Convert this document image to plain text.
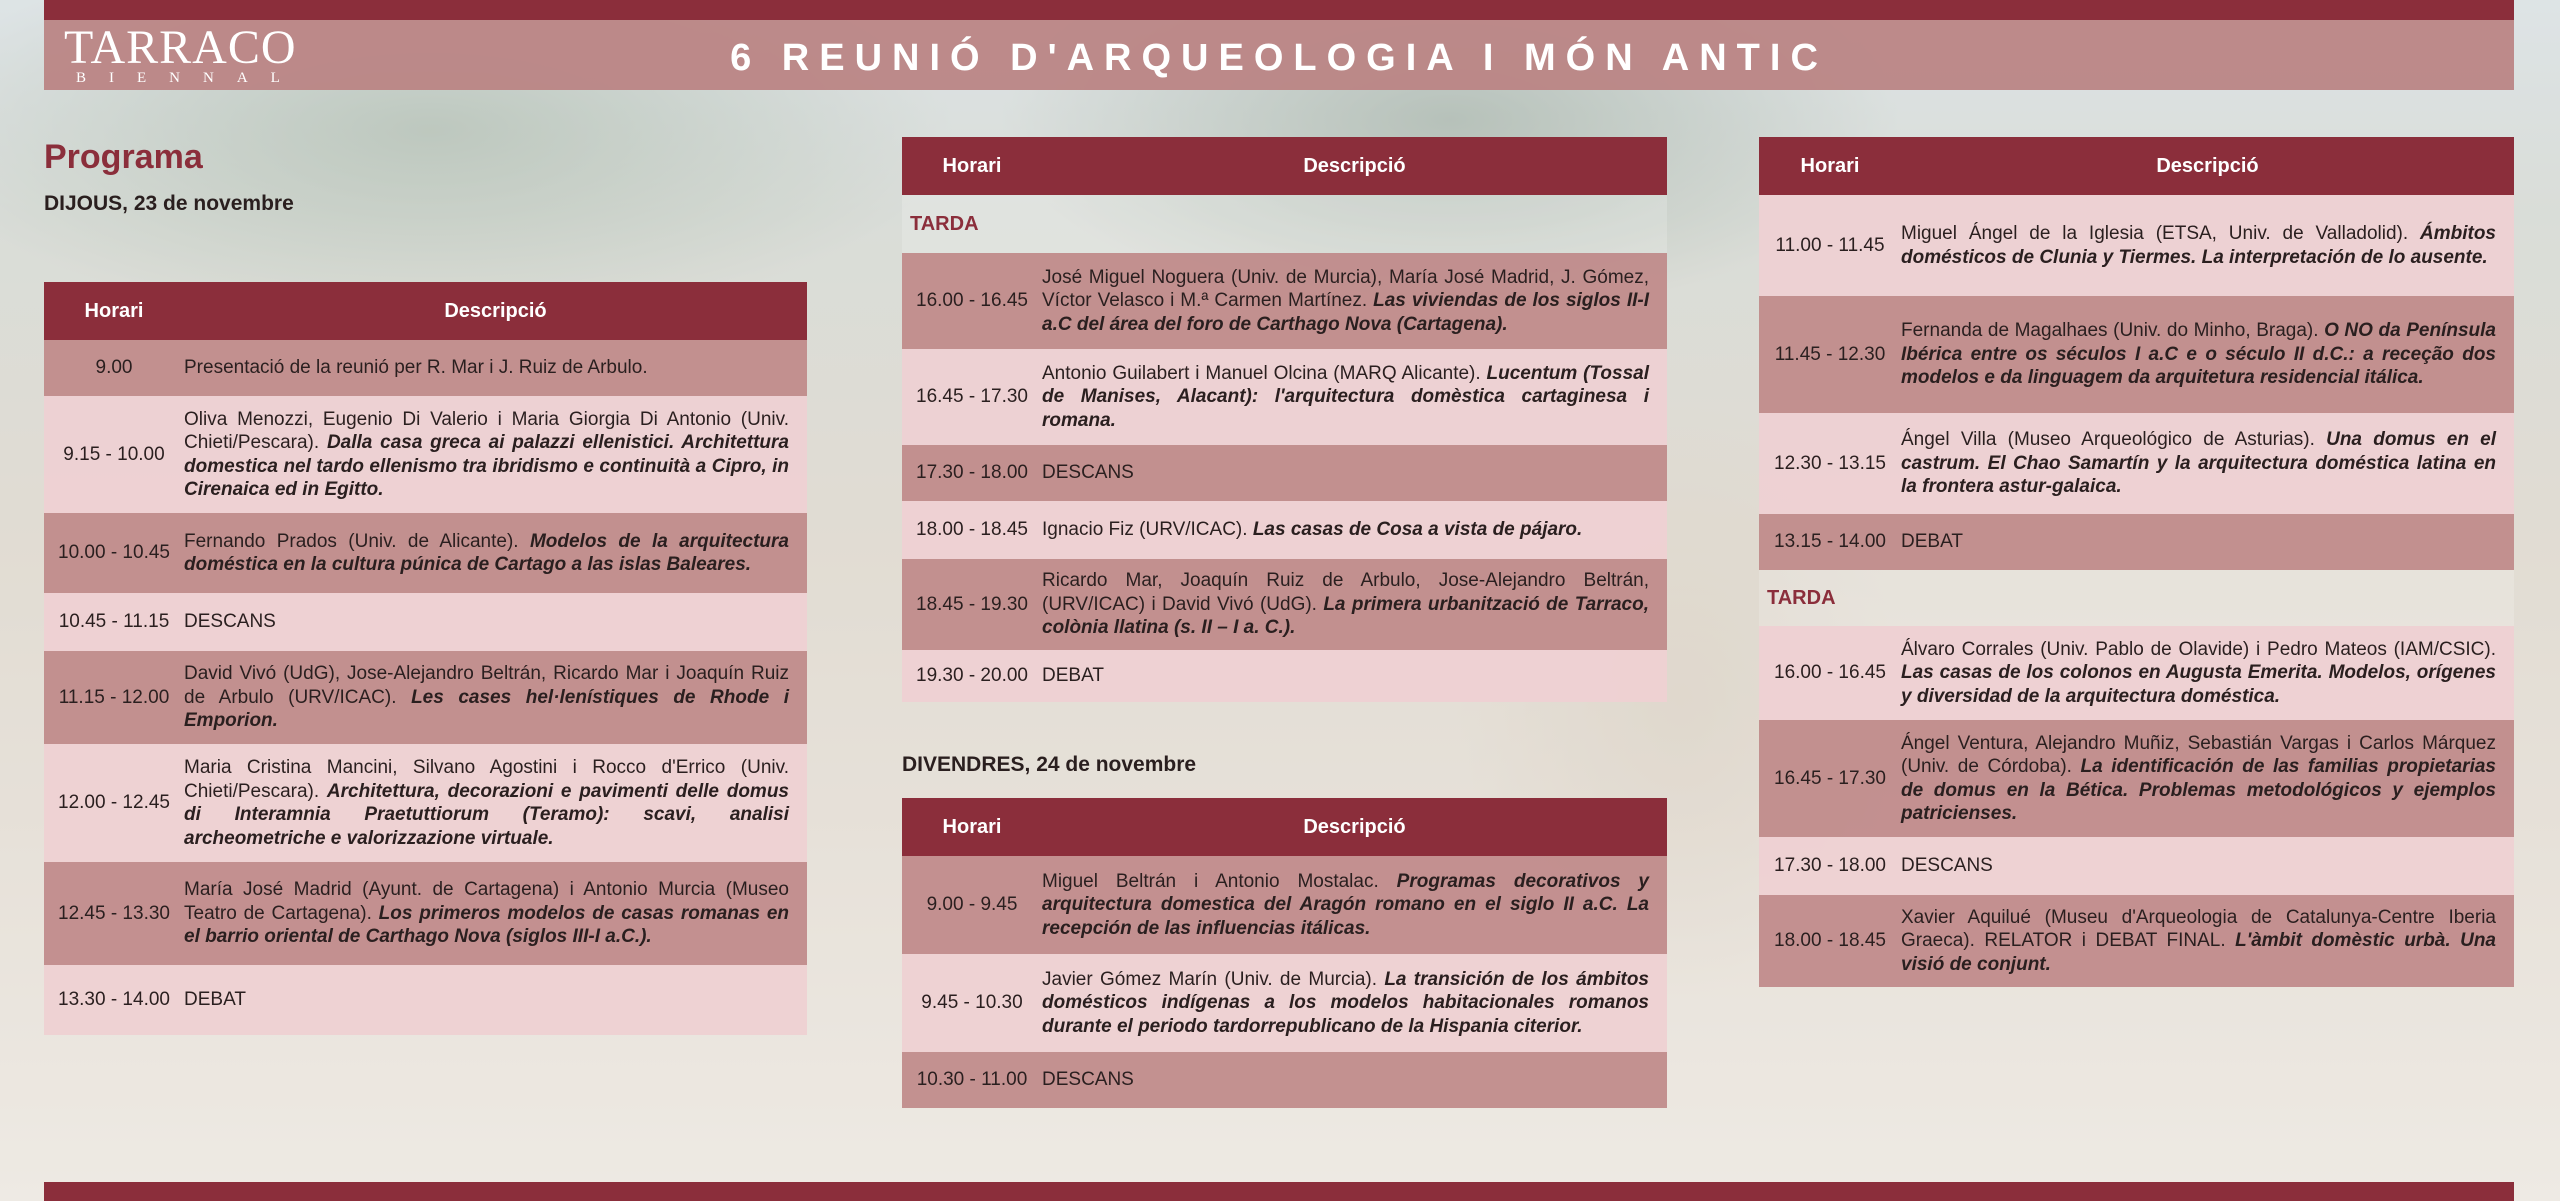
TARRACO
BIENNAL	6 REUNIÓ D'ARQUEOLOGIA I MÓN ANTIC
Programa
DIJOUS, 23 de novembre
Horari	Descripció
9.00	Presentació de la reunió per R. Mar i J. Ruiz de Arbulo.
9.15 - 10.00
Oliva Menozzi, Eugenio Di Valerio i Maria Giorgia Di Antonio (Univ. Chieti/Pescara). Dalla casa greca ai palazzi ellenistici. Architettura domestica nel tardo ellenismo tra ibridismo e continuità a Cipro, in Cirenaica ed in Egitto.
10.00 - 10.45
Fernando Prados (Univ. de Alicante). Modelos de la arquitectura doméstica en la cultura púnica de Cartago a las islas Baleares.
10.45 - 11.15 DESCANS
11.15 - 12.00
David Vivó (UdG), Jose-Alejandro Beltrán, Ricardo Mar i Joaquín Ruiz de Arbulo (URV/ICAC). Les cases hel·lenístiques de Rhode i Emporion.
12.00 - 12.45
Maria Cristina Mancini, Silvano Agostini i Rocco d'Errico (Univ. Chieti/Pescara). Architettura, decorazioni e pavimenti delle domus di Interamnia Praetuttiorum (Teramo): scavi, analisi archeometriche e valorizzazione virtuale.
12.45 - 13.30
María José Madrid (Ayunt. de Cartagena) i Antonio Murcia (Museo Teatro de Cartagena). Los primeros modelos de casas romanas en el barrio oriental de Carthago Nova (siglos III-I a.C.).
13.30 - 14.00 DEBAT
Horari	Descripció
TARDA
16.00 - 16.45
José Miguel Noguera (Univ. de Murcia), María José Madrid, J. Gómez, Víctor Velasco i M.ª Carmen Martínez. Las viviendas de los siglos II-I a.C del área del foro de Carthago Nova (Cartagena).
16.45 - 17.30
Antonio Guilabert i Manuel Olcina (MARQ Alicante). Lucentum (Tossal de Manises, Alacant): l'arquitectura domèstica cartaginesa i romana.
17.30 - 18.00 DESCANS
18.00 - 18.45 Ignacio Fiz (URV/ICAC). Las casas de Cosa a vista de pájaro.
18.45 - 19.30
Ricardo Mar, Joaquín Ruiz de Arbulo, Jose-Alejandro Beltrán, (URV/ICAC) i David Vivó (UdG). La primera urbanització de Tarraco, colònia llatina (s. II – I a. C.).
19.30 - 20.00 DEBAT
DIVENDRES, 24 de novembre
Horari	Descripció
9.00 - 9.45
Miguel Beltrán i Antonio Mostalac. Programas decorativos y arquitectura domestica del Aragón romano en el siglo II a.C. La recepción de las influencias itálicas.
9.45 - 10.30
Javier Gómez Marín (Univ. de Murcia). La transición de los ámbitos domésticos indígenas a los modelos habitacionales romanos durante el periodo tardorrepublicano de la Hispania citerior.
10.30 - 11.00 DESCANS
Horari	Descripció
11.00 - 11.45
Miguel Ángel de la Iglesia (ETSA, Univ. de Valladolid). Ámbitos domésticos de Clunia y Tiermes. La interpretación de lo ausente.
11.45 - 12.30
Fernanda de Magalhaes (Univ. do Minho, Braga). O NO da Península Ibérica entre os séculos I a.C e o século II d.C.: a receção dos modelos e da linguagem da arquitetura residencial itálica.
12.30 - 13.15
Ángel Villa (Museo Arqueológico de Asturias). Una domus en el castrum. El Chao Samartín y la arquitectura doméstica latina en la frontera astur-galaica.
13.15 - 14.00 DEBAT
TARDA
16.00 - 16.45
Álvaro Corrales (Univ. Pablo de Olavide) i Pedro Mateos (IAM/CSIC). Las casas de los colonos en Augusta Emerita. Modelos, orígenes y diversidad de la arquitectura doméstica.
16.45 - 17.30
Ángel Ventura, Alejandro Muñiz, Sebastián Vargas i Carlos Márquez (Univ. de Córdoba). La identificación de las familias propietarias de domus en la Bética. Problemas metodológicos y ejemplos patricienses.
17.30 - 18.00 DESCANS
18.00 - 18.45
Xavier Aquilué (Museu d'Arqueologia de Catalunya-Centre Iberia Graeca). RELATOR i DEBAT FINAL. L'àmbit domèstic urbà. Una visió de conjunt.
